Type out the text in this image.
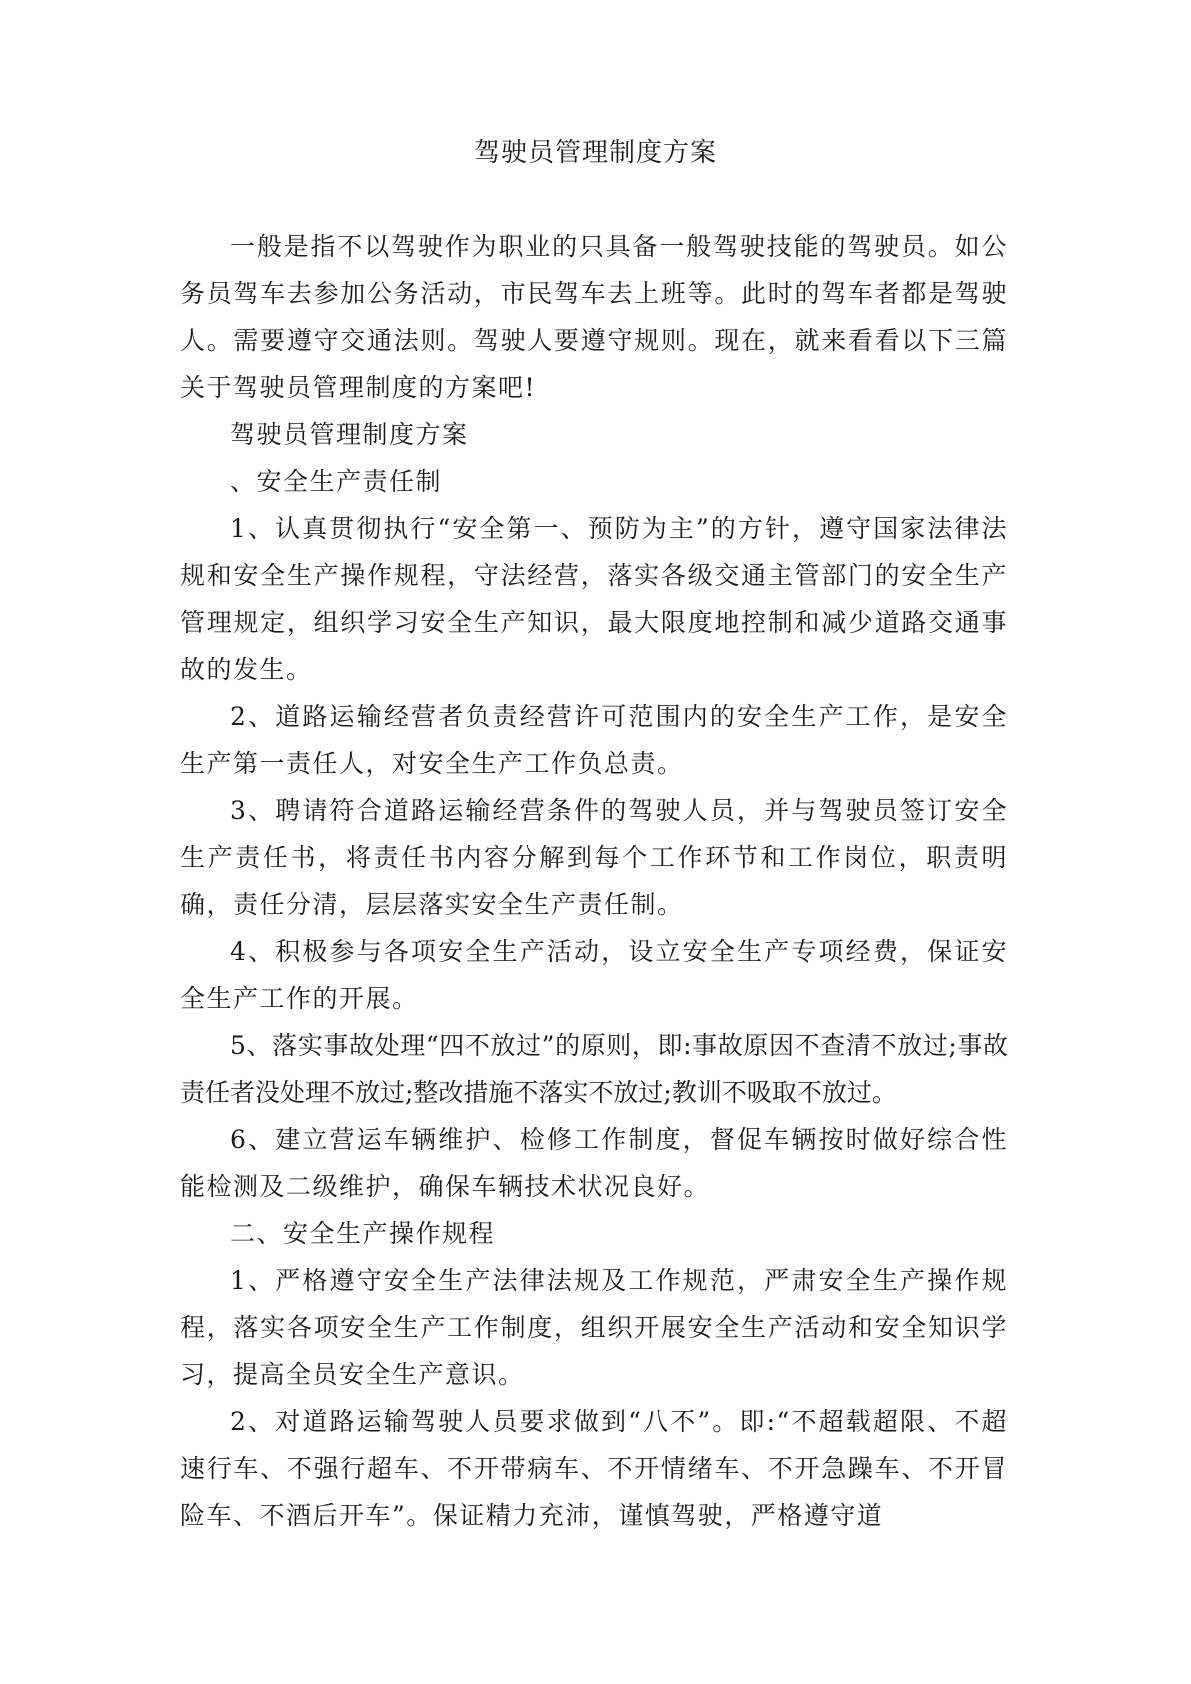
驾驶员管理制度方案

一般是指不以驾驶作为职业的只具备一般驾驶技能的驾驶员。如公务员驾车去参加公务活动，市民驾车去上班等。此时的驾车者都是驾驶人。需要遵守交通法则。驾驶人要遵守规则。现在，就来看看以下三篇关于驾驶员管理制度的方案吧!

驾驶员管理制度方案

、安全生产责任制

1、认真贯彻执行“安全第一、预防为主”的方针，遵守国家法律法规和安全生产操作规程，守法经营，落实各级交通主管部门的安全生产管理规定，组织学习安全生产知识，最大限度地控制和减少道路交通事故的发生。

2、道路运输经营者负责经营许可范围内的安全生产工作，是安全生产第一责任人，对安全生产工作负总责。

3、聘请符合道路运输经营条件的驾驶人员，并与驾驶员签订安全生产责任书，将责任书内容分解到每个工作环节和工作岗位，职责明确，责任分清，层层落实安全生产责任制。

4、积极参与各项安全生产活动，设立安全生产专项经费，保证安全生产工作的开展。

5、落实事故处理“四不放过”的原则，即:事故原因不查清不放过;事故责任者没处理不放过;整改措施不落实不放过;教训不吸取不放过。

6、建立营运车辆维护、检修工作制度，督促车辆按时做好综合性能检测及二级维护，确保车辆技术状况良好。

二、安全生产操作规程

1、严格遵守安全生产法律法规及工作规范，严肃安全生产操作规程，落实各项安全生产工作制度，组织开展安全生产活动和安全知识学习，提高全员安全生产意识。

2、对道路运输驾驶人员要求做到“八不”。即:“不超载超限、不超速行车、不强行超车、不开带病车、不开情绪车、不开急躁车、不开冒险车、不酒后开车”。保证精力充沛，谨慎驾驶，严格遵守道
